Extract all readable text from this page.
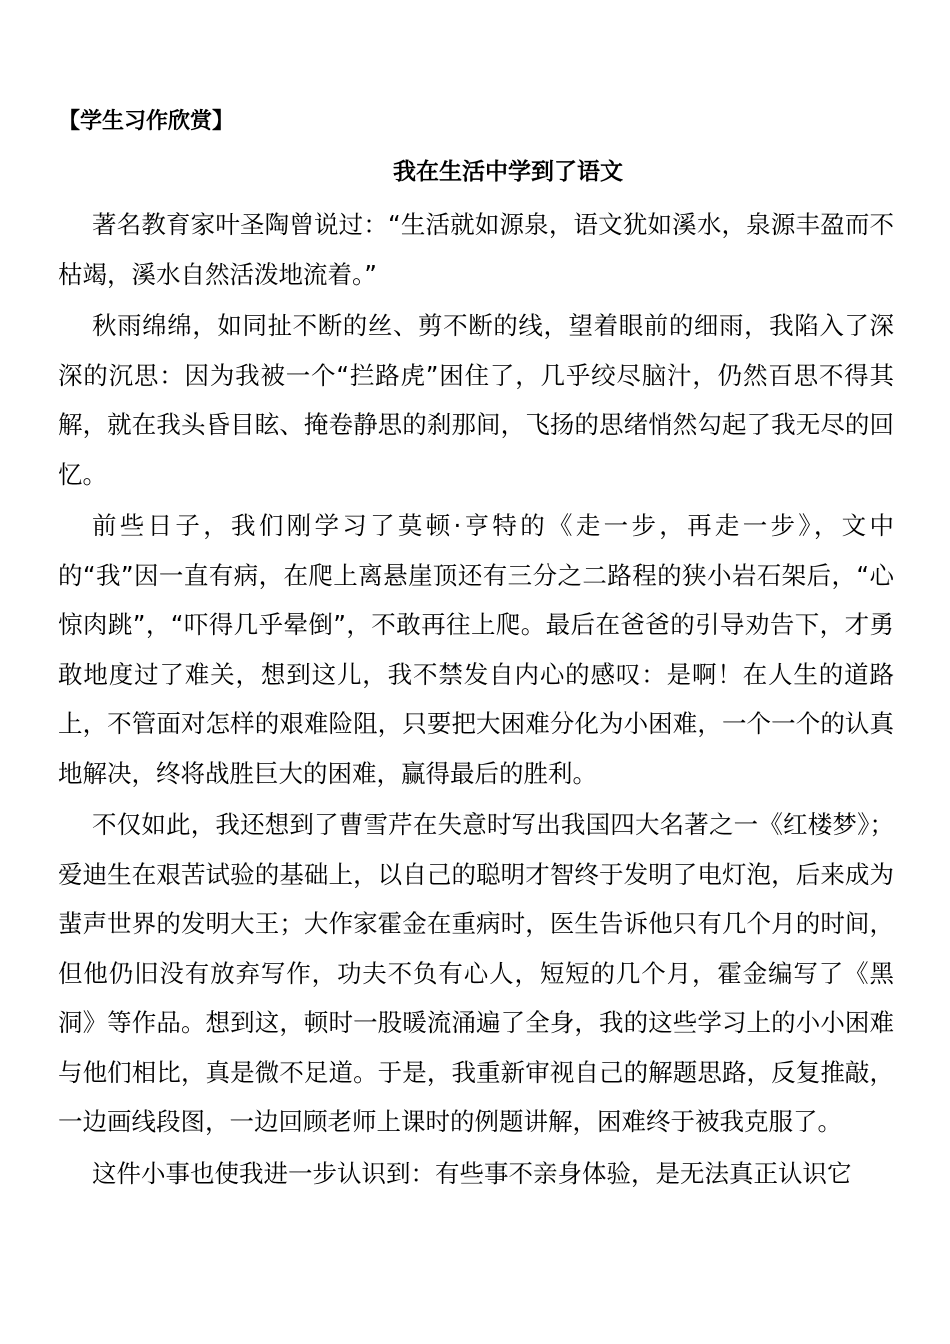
【学生习作欣赏】
我在生活中学到了语文

著名教育家叶圣陶曾说过：“生活就如源泉，语文犹如溪水，泉源丰盈而不枯竭，溪水自然活泼地流着。”

秋雨绵绵，如同扯不断的丝、剪不断的线，望着眼前的细雨，我陷入了深深的沉思：因为我被一个“拦路虎”困住了，几乎绞尽脑汁，仍然百思不得其解，就在我头昏目眩、掩卷静思的刹那间，飞扬的思绪悄然勾起了我无尽的回忆。

前些日子，我们刚学习了莫顿·亨特的《走一步，再走一步》，文中的“我”因一直有病，在爬上离悬崖顶还有三分之二路程的狭小岩石架后，“心惊肉跳”，“吓得几乎晕倒”，不敢再往上爬。最后在爸爸的引导劝告下，才勇敢地度过了难关，想到这儿，我不禁发自内心的感叹：是啊！在人生的道路上，不管面对怎样的艰难险阻，只要把大困难分化为小困难，一个一个的认真地解决，终将战胜巨大的困难，赢得最后的胜利。

不仅如此，我还想到了曹雪芹在失意时写出我国四大名著之一《红楼梦》；爱迪生在艰苦试验的基础上，以自己的聪明才智终于发明了电灯泡，后来成为蜚声世界的发明大王；大作家霍金在重病时，医生告诉他只有几个月的时间，但他仍旧没有放弃写作，功夫不负有心人，短短的几个月，霍金编写了《黑洞》等作品。想到这，顿时一股暖流涌遍了全身，我的这些学习上的小小困难与他们相比，真是微不足道。于是，我重新审视自己的解题思路，反复推敲，一边画线段图，一边回顾老师上课时的例题讲解，困难终于被我克服了。

这件小事也使我进一步认识到：有些事不亲身体验，是无法真正认识它
